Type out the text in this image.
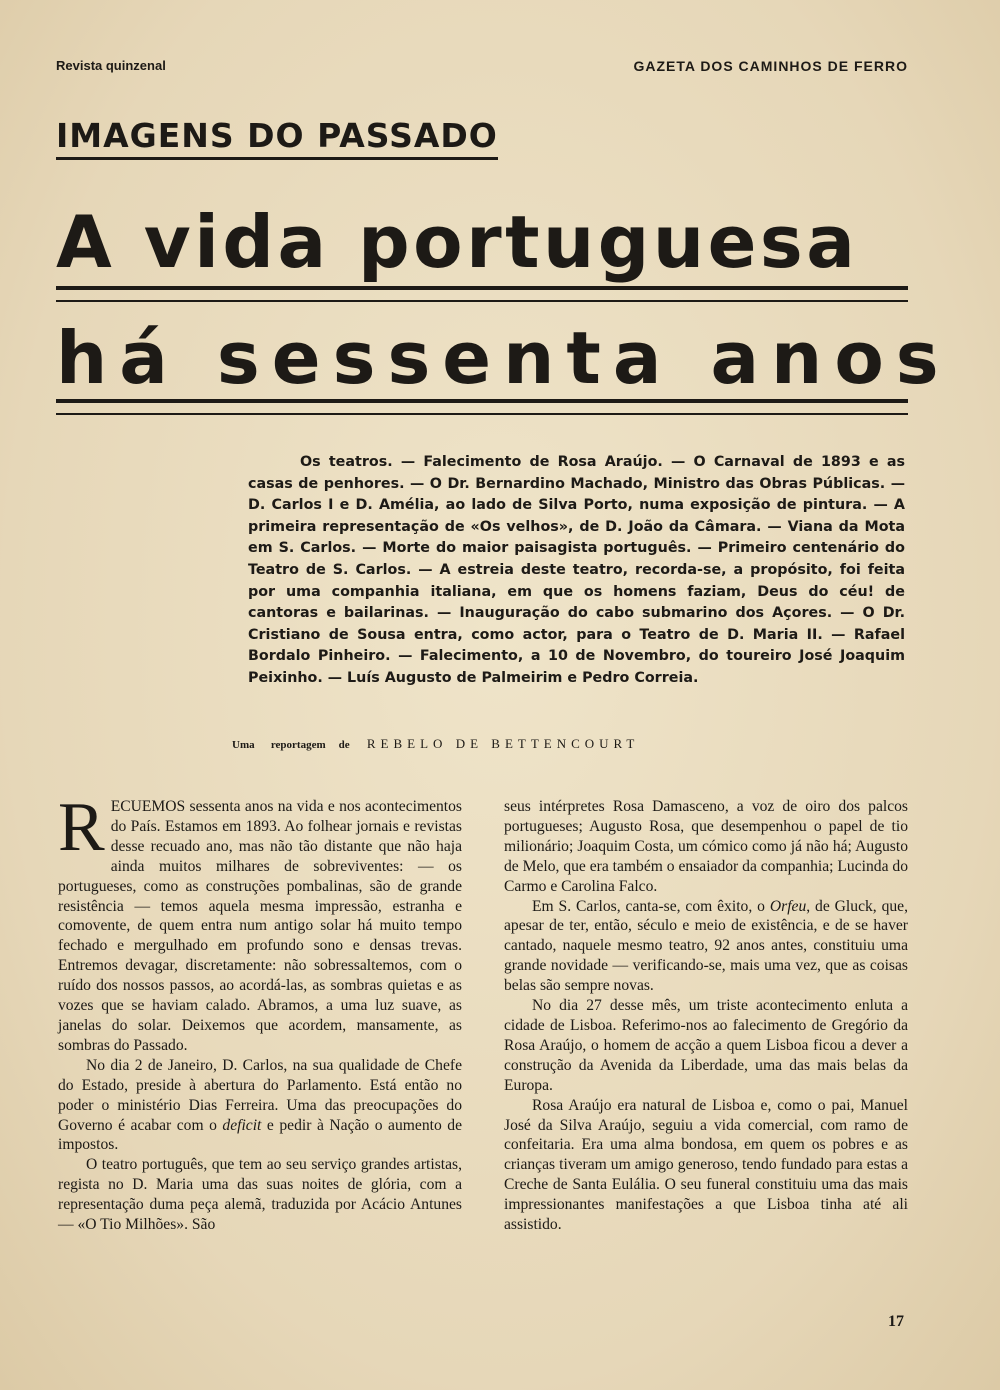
Revista quinzenal	GAZETA DOS CAMINHOS DE FERRO
IMAGENS DO PASSADO
A vida portuguesa
há sessenta anos

Os teatros. — Falecimento de Rosa Araújo. — O Carnaval de 1893 e as casas de penhores. — O Dr. Bernardino Machado, Ministro das Obras Públicas. — D. Carlos I e D. Amélia, ao lado de Silva Porto, numa exposição de pintura. — A primeira representação de «Os velhos», de D. João da Câmara. — Viana da Mota em S. Carlos. — Morte do maior paisagista português. — Primeiro centenário do Teatro de S. Carlos. — A estreia deste teatro, recorda-se, a propósito, foi feita por uma companhia italiana, em que os homens faziam, Deus do céu! de cantoras e bailarinas. — Inauguração do cabo submarino dos Açores. — O Dr. Cristiano de Sousa entra, como actor, para o Teatro de D. Maria II. — Rafael Bordalo Pinheiro. — Falecimento, a 10 de Novembro, do toureiro José Joaquim Peixinho. — Luís Augusto de Palmeirim e Pedro Correia.

Uma reportagem de REBELO DE BETTENCOURT

RECUEMOS sessenta anos na vida e nos acontecimentos do País. Estamos em 1893. Ao folhear jornais e revistas desse recuado ano, mas não tão distante que não haja ainda muitos milhares de sobreviventes: — os portugueses, como as construções pombalinas, são de grande resistência — temos aquela mesma impressão, estranha e comovente, de quem entra num antigo solar há muito tempo fechado e mergulhado em profundo sono e densas trevas. Entremos devagar, discretamente: não sobressaltemos, com o ruído dos nossos passos, ao acordá-las, as sombras quietas e as vozes que se haviam calado. Abramos, a uma luz suave, as janelas do solar. Deixemos que acordem, mansamente, as sombras do Passado.

No dia 2 de Janeiro, D. Carlos, na sua qualidade de Chefe do Estado, preside à abertura do Parlamento. Está então no poder o ministério Dias Ferreira. Uma das preocupações do Governo é acabar com o deficit e pedir à Nação o aumento de impostos.

O teatro português, que tem ao seu serviço grandes artistas, regista no D. Maria uma das suas noites de glória, com a representação duma peça alemã, traduzida por Acácio Antunes — «O Tio Milhões». São

seus intérpretes Rosa Damasceno, a voz de oiro dos palcos portugueses; Augusto Rosa, que desempenhou o papel de tio milionário; Joaquim Costa, um cómico como já não há; Augusto de Melo, que era também o ensaiador da companhia; Lucinda do Carmo e Carolina Falco.

Em S. Carlos, canta-se, com êxito, o Orfeu, de Gluck, que, apesar de ter, então, século e meio de existência, e de se haver cantado, naquele mesmo teatro, 92 anos antes, constituiu uma grande novidade — verificando-se, mais uma vez, que as coisas belas são sempre novas.

No dia 27 desse mês, um triste acontecimento enluta a cidade de Lisboa. Referimo-nos ao falecimento de Gregório da Rosa Araújo, o homem de acção a quem Lisboa ficou a dever a construção da Avenida da Liberdade, uma das mais belas da Europa.

Rosa Araújo era natural de Lisboa e, como o pai, Manuel José da Silva Araújo, seguiu a vida comercial, com ramo de confeitaria. Era uma alma bondosa, em quem os pobres e as crianças tiveram um amigo generoso, tendo fundado para estas a Creche de Santa Eulália. O seu funeral constituiu uma das mais impressionantes manifestações a que Lisboa tinha até ali assistido.

17
